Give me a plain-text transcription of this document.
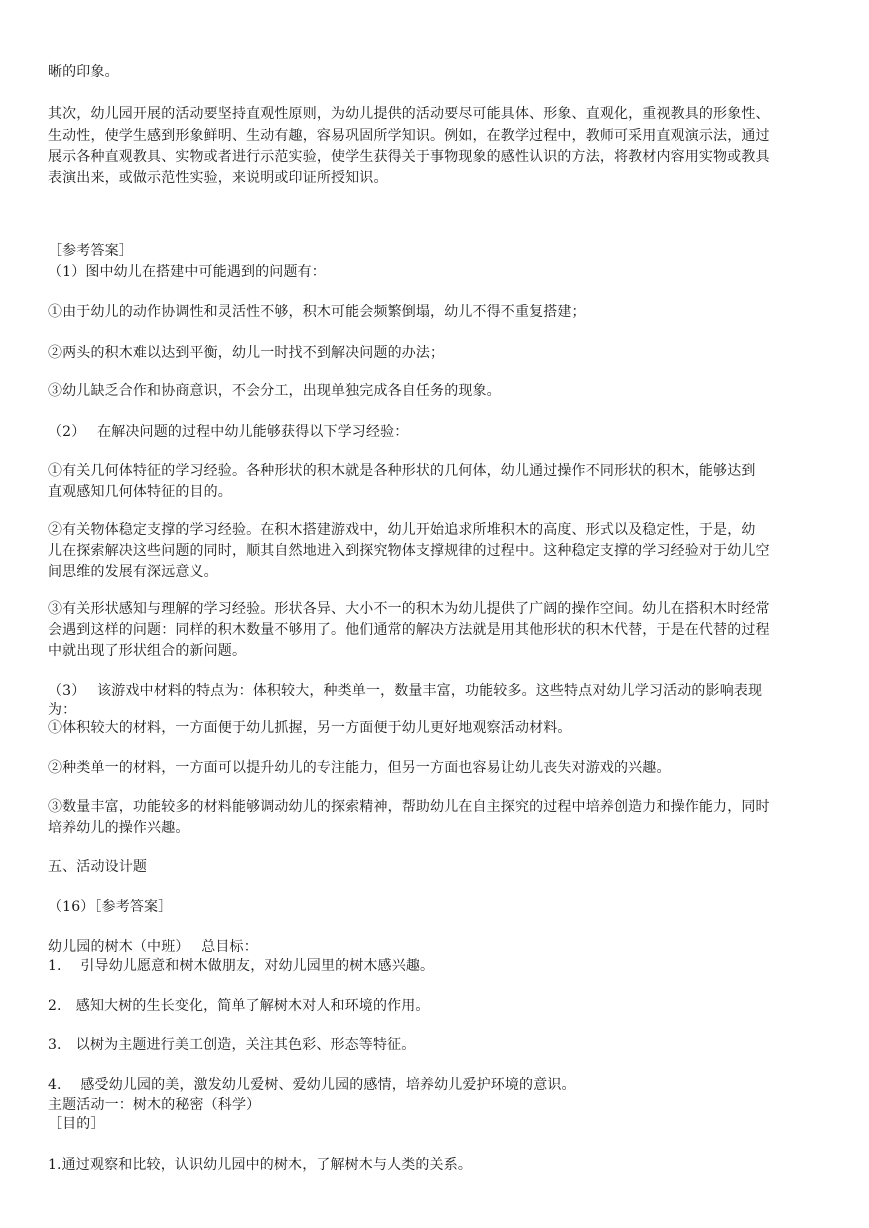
晰的印象。
其次，幼儿园开展的活动要坚持直观性原则，为幼儿提供的活动要尽可能具体、形象、直观化，重视教具的形象性、
生动性，使学生感到形象鲜明、生动有趣，容易巩固所学知识。例如，在教学过程中，教师可采用直观演示法，通过
展示各种直观教具、实物或者进行示范实验，使学生获得关于事物现象的感性认识的方法，将教材内容用实物或教具
表演出来，或做示范性实验，来说明或印证所授知识。
［参考答案］
（1）图中幼儿在搭建中可能遇到的问题有：
①由于幼儿的动作协调性和灵活性不够，积木可能会频繁倒塌，幼儿不得不重复搭建；
②两头的积木难以达到平衡，幼儿一时找不到解决问题的办法；
③幼儿缺乏合作和协商意识，不会分工，出现单独完成各自任务的现象。
（2）　 在解决问题的过程中幼儿能够获得以下学习经验：
①有关几何体特征的学习经验。各种形状的积木就是各种形状的几何体，幼儿通过操作不同形状的积木，能够达到
直观感知几何体特征的目的。
②有关物体稳定支撑的学习经验。在积木搭建游戏中，幼儿开始追求所堆积木的高度、形式以及稳定性，于是，幼
儿在探索解决这些问题的同时，顺其自然地进入到探究物体支撑规律的过程中。这种稳定支撑的学习经验对于幼儿空
间思维的发展有深远意义。
③有关形状感知与理解的学习经验。形状各异、大小不一的积木为幼儿提供了广阔的操作空间。幼儿在搭积木时经常
会遇到这样的问题：同样的积木数量不够用了。他们通常的解决方法就是用其他形状的积木代替，于是在代替的过程
中就出现了形状组合的新问题。
（3）　 该游戏中材料的特点为：体积较大，种类单一，数量丰富，功能较多。这些特点对幼儿学习活动的影响表现
为：
①体积较大的材料，一方面便于幼儿抓握，另一方面便于幼儿更好地观察活动材料。
②种类单一的材料，一方面可以提升幼儿的专注能力，但另一方面也容易让幼儿丧失对游戏的兴趣。
③数量丰富，功能较多的材料能够调动幼儿的探索精神，帮助幼儿在自主探究的过程中培养创造力和操作能力，同时
培养幼儿的操作兴趣。
五、活动设计题
（16）［参考答案］
幼儿园的树木（中班）　 总目标：
1.　 引导幼儿愿意和树木做朋友，对幼儿园里的树木感兴趣。
2.　感知大树的生长变化，简单了解树木对人和环境的作用。
3.　以树为主题进行美工创造，关注其色彩、形态等特征。
4.　 感受幼儿园的美，激发幼儿爱树、爱幼儿园的感情，培养幼儿爱护环境的意识。
主题活动一：树木的秘密（科学）
［目的］
1.通过观察和比较，认识幼儿园中的树木，了解树木与人类的关系。
